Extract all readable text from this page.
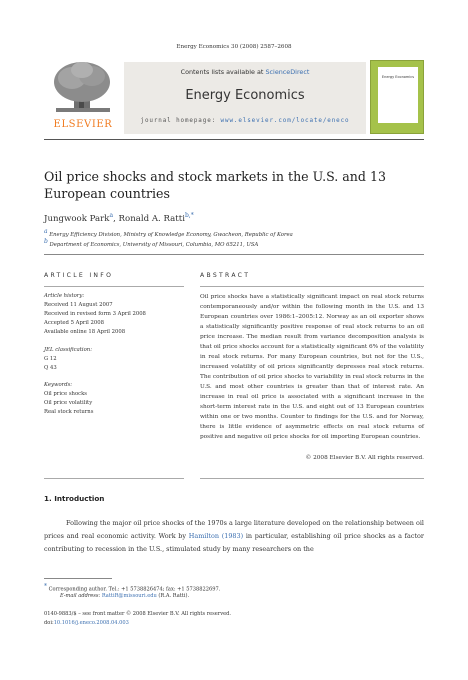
Energy Economics 30 (2008) 2587–2608
ELSEVIER
Contents lists available at ScienceDirect
Energy Economics
journal homepage: www.elsevier.com/locate/eneco
Energy Economics
Oil price shocks and stock markets in the U.S. and 13
European countries
Jungwook Park$^a$, Ronald A. Ratti$^{b,*}$
a Energy Efficiency Division, Ministry of Knowledge Economy, Gwacheon, Republic of Korea
b Department of Economics, University of Missouri, Columbia, MO 65211, USA
ARTICLE INFO	ABSTRACT
Article history:
Received 11 August 2007
Received in revised form 3 April 2008
Accepted 5 April 2008
Available online 18 April 2008
JEL classification:
G 12
Q 43
Keywords:
Oil price shocks
Oil price volatility
Real stock returns
Oil price shocks have a statistically significant impact on real stock returns contemporaneously and/or within the following month in the U.S. and 13 European countries over 1986:1–2005:12. Norway as an oil exporter shows a statistically significantly positive response of real stock returns to an oil price increase. The median result from variance decomposition analysis is that oil price shocks account for a statistically significant 6% of the volatility in real stock returns. For many European countries, but not for the U.S., increased volatility of oil prices significantly depresses real stock returns. The contribution of oil price shocks to variability in real stock returns in the U.S. and most other countries is greater than that of interest rate. An increase in real oil price is associated with a significant increase in the short-term interest rate in the U.S. and eight out of 13 European countries within one or two months. Counter to findings for the U.S. and for Norway, there is little evidence of asymmetric effects on real stock returns of positive and negative oil price shocks for oil importing European countries.
© 2008 Elsevier B.V. All rights reserved.
1. Introduction
Following the major oil price shocks of the 1970s a large literature developed on the relationship between oil prices and real economic activity. Work by Hamilton (1983) in particular, establishing oil price shocks as a factor contributing to recession in the U.S., stimulated study by many researchers on the
* Corresponding author. Tel.: +1 5738826474; fax: +1 5738822697.
E-mail address: RattiR@missouri.edu (R.A. Ratti).
0140-9883/$ – see front matter © 2008 Elsevier B.V. All rights reserved.
doi:10.1016/j.eneco.2008.04.003
